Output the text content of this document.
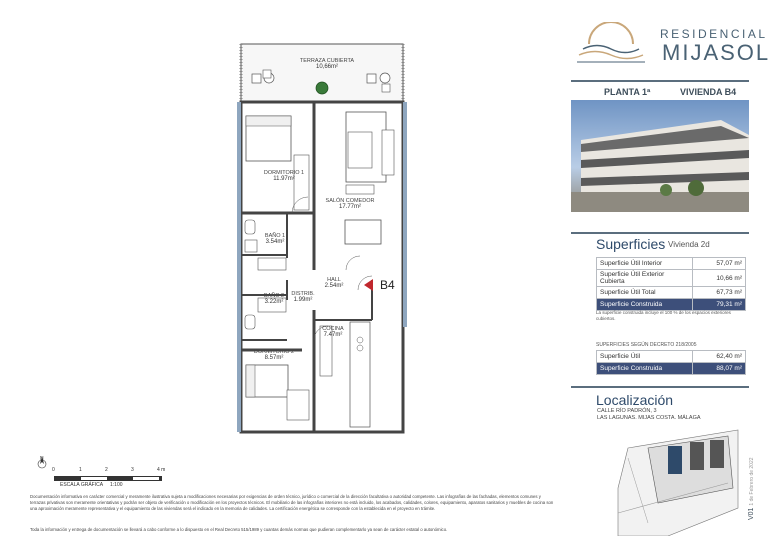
TERRAZA CUBIERTA
10,66m²
DORMITORIO 1
11.97m²
SALÓN COMEDOR
17.77m²
BAÑO 1
3.54m²
HALL
2.54m²
BAÑO 2
3.22m²
DISTRIB.
1.99m²
COCINA
7.47m²
DORMITORIO 2
8.57m²
B4
N
0	1	2	3	4 m
ESCALA GRÁFICA 1:100
Documentación informativa en carácter comercial y meramente ilustrativa sujeta a modificaciones necesarias por exigencias de orden técnico, jurídico o comercial de la dirección facultativa o autoridad competente. Las infografías de las fachadas, elementos comunes y terrazas privativas son meramente orientativas y podrán ser objeto de verificación o modificación en los proyectos técnicos. El mobiliario de las infografías interiores no está incluido, los acabados, calidades, colores, equipamiento, aparatos sanitarios y muebles de cocina son una aproximación meramente representativa y el equipamiento de las viviendas será el indicado en la memoria de calidades. La certificación energética se corresponde con la establecida en el proyecto en trámite.
Toda la información y entrega de documentación se llevará a cabo conforme a lo dispuesto en el Real Decreto 515/1989 y cuantas demás normas que pudieran complementarlo ya sean de carácter estatal o autonómico.
RESIDENCIAL
MIJASOL
PLANTA 1ª	VIVIENDA B4
Superficies Vivienda 2d
Superficie Útil Interior	57,07 m²
Superficie Útil Exterior Cubierta	10,66 m²
Superficie Útil Total	67,73 m²
Superficie Construida	79,31 m²
La superficie construida incluye el 100 % de los espacios exteriores cubiertos.
SUPERFICIES SEGÚN DECRETO 218/2005
Superficie Útil	62,40 m²
Superficie Construida	88,07 m²
Localización
CALLE RÍO PADRÓN, 3
LAS LAGUNAS. MIJAS COSTA. MÁLAGA
V01 1 de Febrero de 2022
